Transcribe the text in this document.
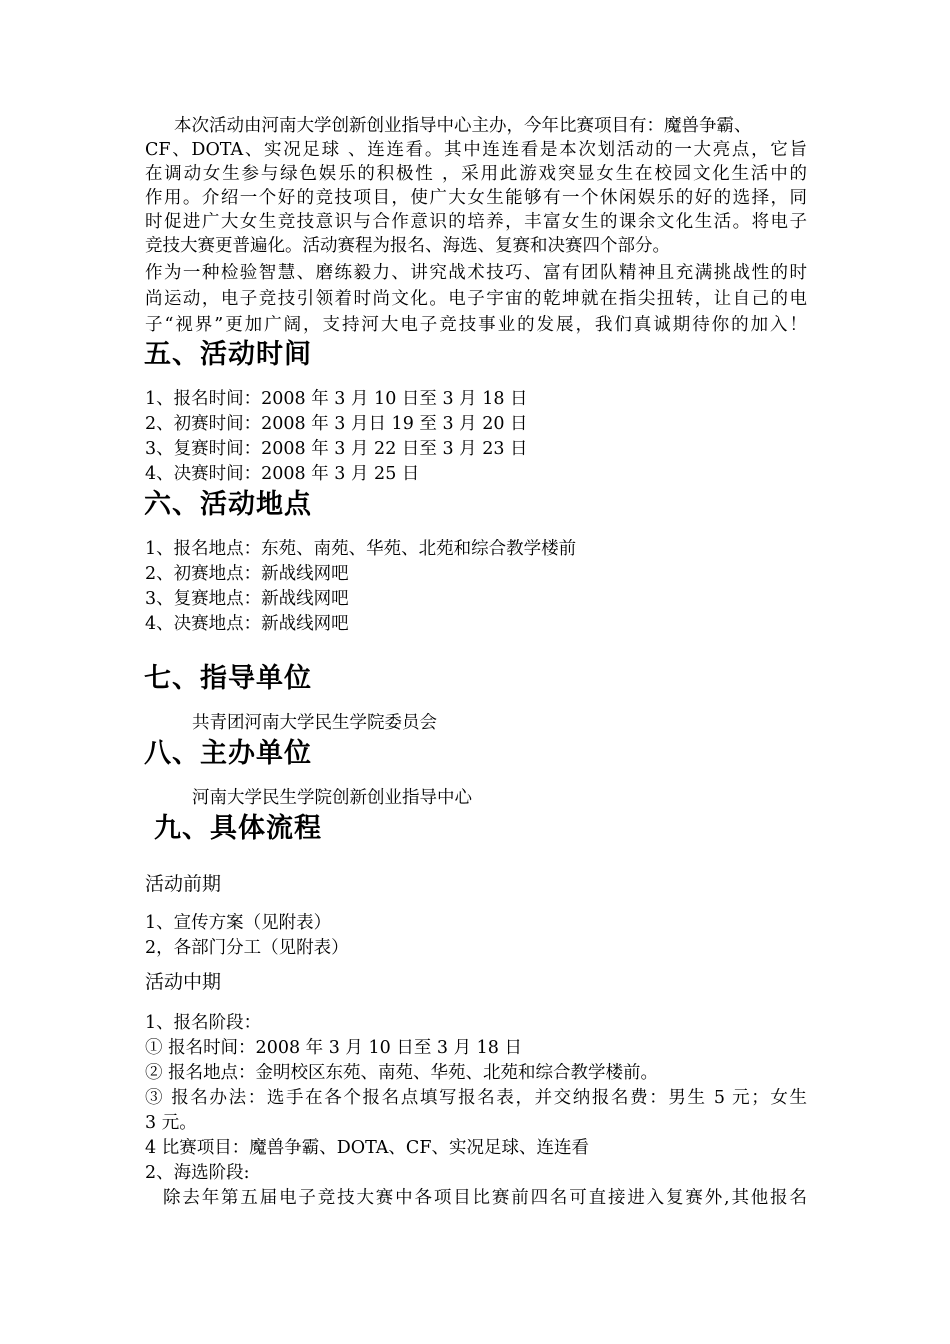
本次活动由河南大学创新创业指导中心主办，今年比赛项目有：魔兽争霸、
CF、DOTA、实况足球 、连连看。其中连连看是本次划活动的一大亮点，它旨
在调动女生参与绿色娱乐的积极性 ，采用此游戏突显女生在校园文化生活中的
作用。介绍一个好的竞技项目，使广大女生能够有一个休闲娱乐的好的选择，同
时促进广大女生竞技意识与合作意识的培养，丰富女生的课余文化生活。将电子
竞技大赛更普遍化。活动赛程为报名、海选、复赛和决赛四个部分。
作为一种检验智慧、磨练毅力、讲究战术技巧、富有团队精神且充满挑战性的时
尚运动，电子竞技引领着时尚文化。电子宇宙的乾坤就在指尖扭转，让自己的电
子“视界”更加广阔，支持河大电子竞技事业的发展，我们真诚期待你的加入！
五、活动时间
1、报名时间：2008 年 3 月 10 日至 3 月 18 日
2、初赛时间：2008 年 3 月日 19 至 3 月 20 日
3、复赛时间：2008 年 3 月 22 日至 3 月 23 日
4、决赛时间：2008 年 3 月 25 日
六、活动地点
1、报名地点：东苑、南苑、华苑、北苑和综合教学楼前
2、初赛地点：新战线网吧
3、复赛地点：新战线网吧
4、决赛地点：新战线网吧
七、指导单位
共青团河南大学民生学院委员会
八、主办单位
河南大学民生学院创新创业指导中心
九、具体流程
活动前期
1、宣传方案（见附表）
2，各部门分工（见附表）
活动中期
1、报名阶段：
① 报名时间：2008 年 3 月 10 日至 3 月 18 日
② 报名地点：金明校区东苑、南苑、华苑、北苑和综合教学楼前。
③ 报名办法：选手在各个报名点填写报名表，并交纳报名费：男生 5 元；女生
3 元。
4 比赛项目：魔兽争霸、DOTA、CF、实况足球、连连看
2、海选阶段:
除去年第五届电子竞技大赛中各项目比赛前四名可直接进入复赛外,其他报名
